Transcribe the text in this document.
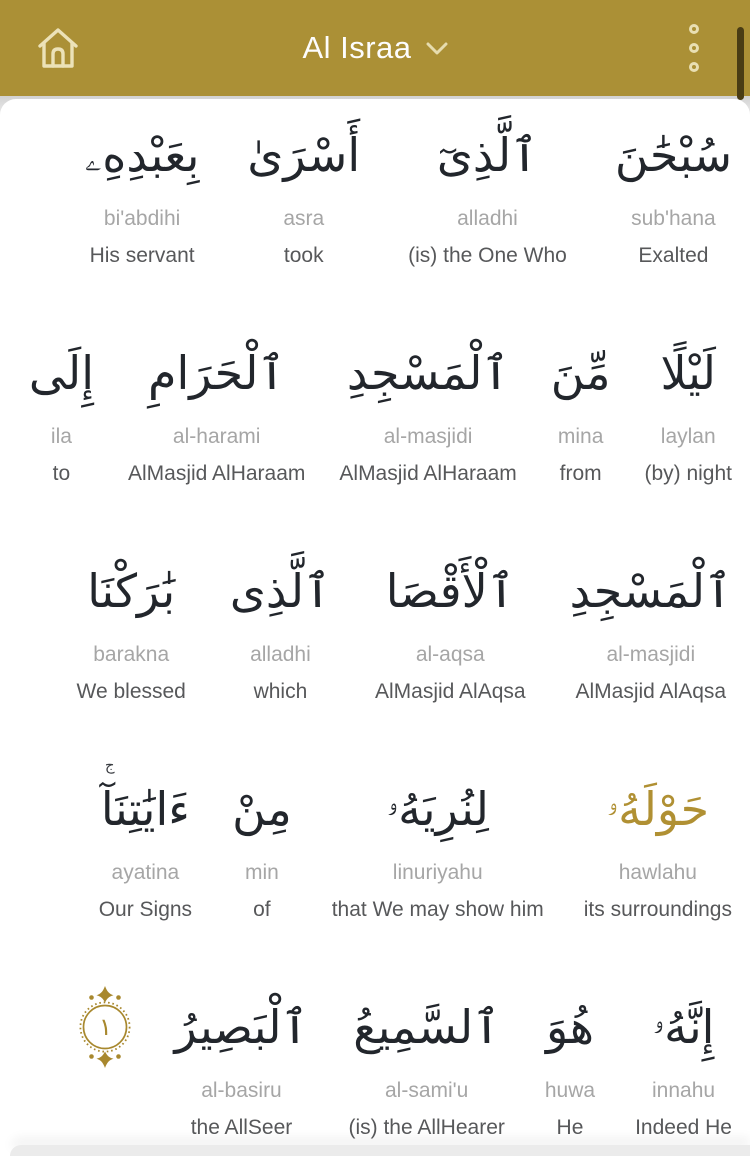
Al Israa
سُبْحَٰنَ
sub'hana
Exalted
ٱلَّذِىٓ
alladhi
(is) the One Who
أَسْرَىٰ
asra
took
بِعَبْدِهِۦ
bi'abdihi
His servant
لَيْلًا
laylan
(by) night
مِّنَ
mina
from
ٱلْمَسْجِدِ
al-masjidi
AlMasjid AlHaraam
ٱلْحَرَامِ
al-harami
AlMasjid AlHaraam
إِلَى
ila
to
ٱلْمَسْجِدِ
al-masjidi
AlMasjid AlAqsa
ٱلْأَقْصَا
al-aqsa
AlMasjid AlAqsa
ٱلَّذِى
alladhi
which
بَٰرَكْنَا
barakna
We blessed
حَوْلَهُۥ
hawlahu
its surroundings
لِنُرِيَهُۥ
linuriyahu
that We may show him
مِنْ
min
of
ج
ءَايَٰتِنَآ
ayatina
Our Signs
إِنَّهُۥ
innahu
Indeed He
هُوَ
huwa
He
ٱلسَّمِيعُ
al-sami'u
(is) the AllHearer
ٱلْبَصِيرُ
al-basiru
the AllSeer
١
